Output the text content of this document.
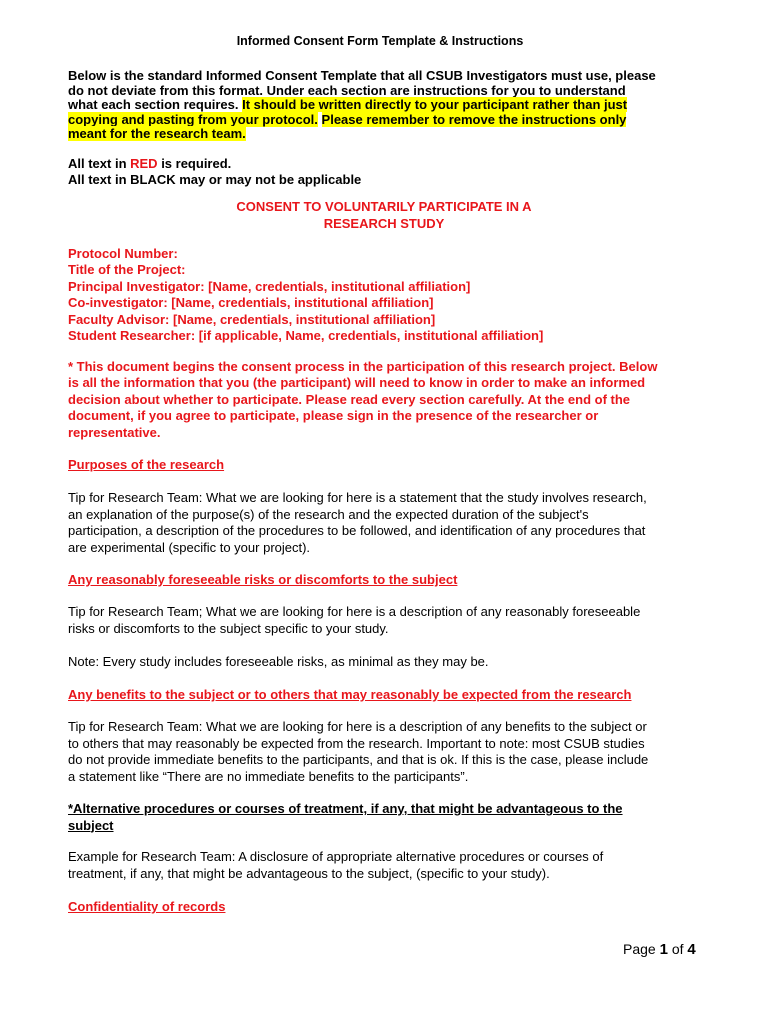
Informed Consent Form Template & Instructions
Below is the standard Informed Consent Template that all CSUB Investigators must use, please
do not deviate from this format. Under each section are instructions for you to understand
what each section requires. It should be written directly to your participant rather than just
copying and pasting from your protocol. Please remember to remove the instructions only
meant for the research team.
All text in RED is required.
All text in BLACK may or may not be applicable
CONSENT TO VOLUNTARILY PARTICIPATE IN A
RESEARCH STUDY
Protocol Number:
Title of the Project:
Principal Investigator: [Name, credentials, institutional affiliation]
Co-investigator: [Name, credentials, institutional affiliation]
Faculty Advisor: [Name, credentials, institutional affiliation]
Student Researcher: [if applicable, Name, credentials, institutional affiliation]
* This document begins the consent process in the participation of this research project. Below
is all the information that you (the participant) will need to know in order to make an informed
decision about whether to participate. Please read every section carefully. At the end of the
document, if you agree to participate, please sign in the presence of the researcher or
representative.
Purposes of the research
Tip for Research Team: What we are looking for here is a statement that the study involves research,
an explanation of the purpose(s) of the research and the expected duration of the subject's
participation, a description of the procedures to be followed, and identification of any procedures that
are experimental (specific to your project).
Any reasonably foreseeable risks or discomforts to the subject
Tip for Research Team; What we are looking for here is a description of any reasonably foreseeable
risks or discomforts to the subject specific to your study.
Note: Every study includes foreseeable risks, as minimal as they may be.
Any benefits to the subject or to others that may reasonably be expected from the research
Tip for Research Team: What we are looking for here is a description of any benefits to the subject or
to others that may reasonably be expected from the research. Important to note: most CSUB studies
do not provide immediate benefits to the participants, and that is ok. If this is the case, please include
a statement like “There are no immediate benefits to the participants”.
*Alternative procedures or courses of treatment, if any, that might be advantageous to the
subject
Example for Research Team: A disclosure of appropriate alternative procedures or courses of
treatment, if any, that might be advantageous to the subject, (specific to your study).
Confidentiality of records
Page 1 of 4
